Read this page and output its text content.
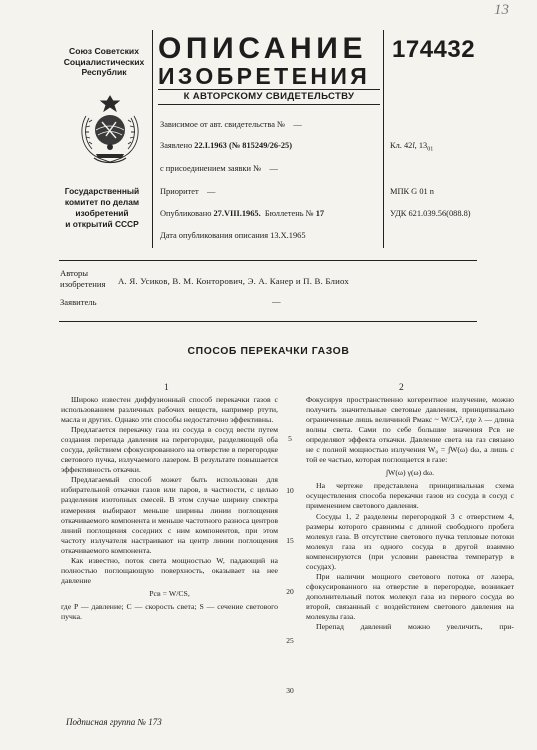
13
Союз Советских
Социалистических
Республик
Государственный
комитет по делам
изобретений
и открытий СССР
ОПИСАНИЕ
ИЗОБРЕТЕНИЯ
К АВТОРСКОМУ СВИДЕТЕЛЬСТВУ
174432
Зависимое от авт. свидетельства № —
Заявлено 22.I.1963 (№ 815249/26-25)
с присоединением заявки № —
Приоритет —
Опубликовано 27.VIII.1965. Бюллетень № 17
Дата опубликования описания 13.X.1965
Кл. 42l, $13_{01}$
МПК G 01 n
УДК 621.039.56(088.8)
Авторы
изобретения А. Я. Усиков, В. М. Конторович, Э. А. Канер и П. В. Блиох
Заявитель	—
СПОСОБ ПЕРЕКАЧКИ ГАЗОВ
1	2

Широко известен диффузионный способ перекачки газов с использованием различных рабочих веществ, например ртути, масла и других. Однако эти способы недостаточно эффективны.

Предлагается перекачку газа из сосуда в сосуд вести путем создания перепада давления на перегородке, разделяющей оба сосуда, действием сфокусированного на отверстие в перегородке светового пучка, излучаемого лазером. В результате повышается эффективность откачки.

Предлагаемый способ может быть использован для избирательной откачки газов или паров, в частности, с целью разделения изотопных смесей. В этом случае ширину спектра измерения выбирают меньше ширины линии поглощения откачиваемого компонента и меньше частотного разноса центров линий поглощения соседних с ним компонентов, при этом частоту излучателя настраивают на центр линии поглощения откачиваемого компонента.

Как известно, поток света мощностью W, падающий на полностью поглощающую поверхность, оказывает на нее давление

Pсв = W/CS,

где P — давление; C — скорость света; S — сечение светового пучка.

5
10
15
20
25
30

Фокусируя пространственно когерентное излучение, можно получить значительные световые давления, принципиально ограниченные лишь величиной Pмакс ~ W/Cλ², где λ — длина волны света. Сами по себе большие значения Pсв не определяют эффекта откачки. Давление света на газ связано не с полной мощностью излучения W₀ = ∫W(ω) dω, а лишь с той ее частью, которая поглощается в газе:

∫W(ω) γ(ω) dω.

На чертеже представлена принципиальная схема осуществления способа перекачки газов из сосуда в сосуд с применением светового давления.

Сосуды 1, 2 разделены перегородкой 3 с отверстием 4, размеры которого сравнимы с длиной свободного пробега молекул газа. В отсутствие светового пучка тепловые потоки молекул газа из одного сосуда в другой взаимно компенсируются (при условии равенства температур в сосудах).

При наличии мощного светового потока от лазера, сфокусированного на отверстие в перегородке, возникает дополнительный поток молекул газа из первого сосуда во второй, связанный с воздействием светового давления на молекулы газа.

Перепад давлений можно увеличить, при-

Подписная группа № 173
